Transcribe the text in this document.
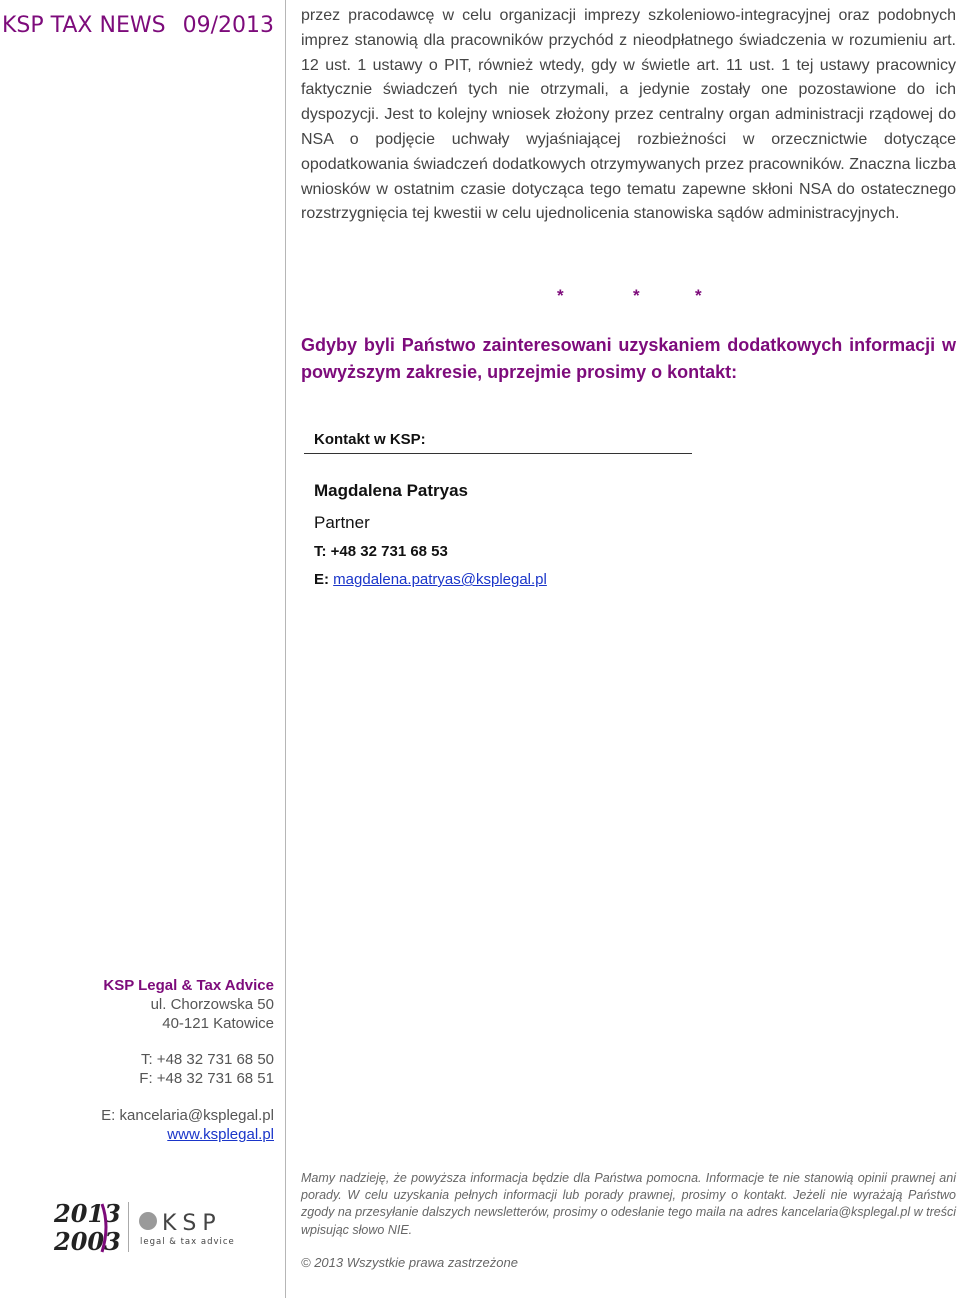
KSP TAX NEWS 09/2013 przez pracodawcę w celu organizacji imprezy szkoleniowo-integracyjnej oraz podobnych imprez stanowią dla pracowników przychód z nieodpłatnego świadczenia w rozumieniu art. 12 ust. 1 ustawy o PIT, również wtedy, gdy w świetle art. 11 ust. 1 tej ustawy pracownicy faktycznie świadczeń tych nie otrzymali, a jedynie zostały one pozostawione do ich dyspozycji. Jest to kolejny wniosek złożony przez centralny organ administracji rządowej do NSA o podjęcie uchwały wyjaśniającej rozbieżności w orzecznictwie dotyczące opodatkowania świadczeń dodatkowych otrzymywanych przez pracowników. Znaczna liczba wniosków w ostatnim czasie dotycząca tego tematu zapewne skłoni NSA do ostatecznego rozstrzygnięcia tej kwestii w celu ujednolicenia stanowiska sądów administracyjnych.

*	*	*

Gdyby byli Państwo zainteresowani uzyskaniem dodatkowych informacji w powyższym zakresie, uprzejmie prosimy o kontakt:

Kontakt w KSP:
Magdalena Patryas
Partner
T: +48 32 731 68 53
E: magdalena.patryas@ksplegal.pl
KSP Legal & Tax Advice
ul. Chorzowska 50
40-121 Katowice
T: +48 32 731 68 50
F: +48 32 731 68 51
E: kancelaria@ksplegal.pl
www.ksplegal.pl
2013
2003
KSP
legal & tax advice

Mamy nadzieję, że powyższa informacja będzie dla Państwa pomocna. Informacje te nie stanowią opinii prawnej ani porady. W celu uzyskania pełnych informacji lub porady prawnej, prosimy o kontakt. Jeżeli nie wyrażają Państwo zgody na przesyłanie dalszych newsletterów, prosimy o odesłanie tego maila na adres kancelaria@ksplegal.pl w treści wpisując słowo NIE.

© 2013 Wszystkie prawa zastrzeżone
